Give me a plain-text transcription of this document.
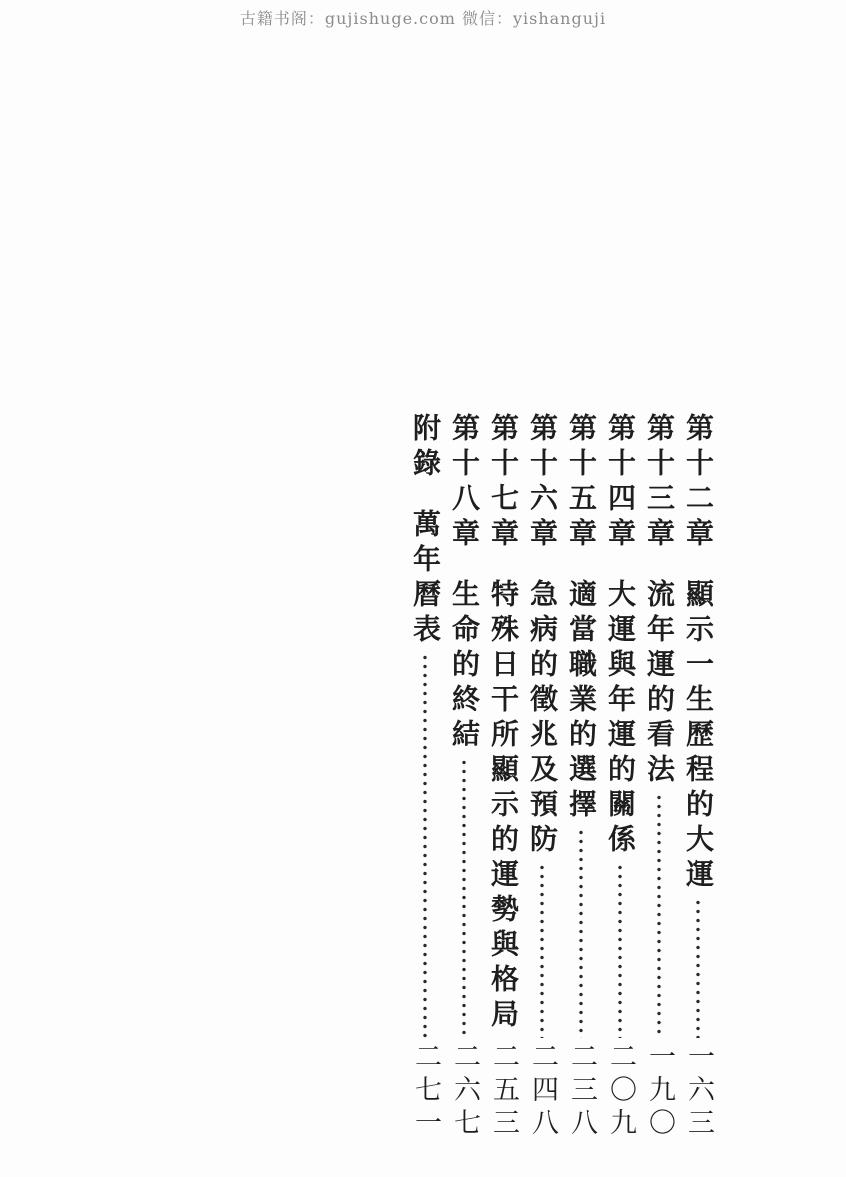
古籍书阁：gujishuge.com 微信：yishanguji
第十二章
顯示一生歷程的大運
一六三
第十三章
流年運的看法
一九〇
第十四章
大運與年運的關係
二〇九
第十五章
適當職業的選擇
二三八
第十六章
急病的徵兆及預防
二四八
第十七章
特殊日干所顯示的運勢與格局
二五三
第十八章
生命的終結
二六七
附錄
萬年曆表
二七一
